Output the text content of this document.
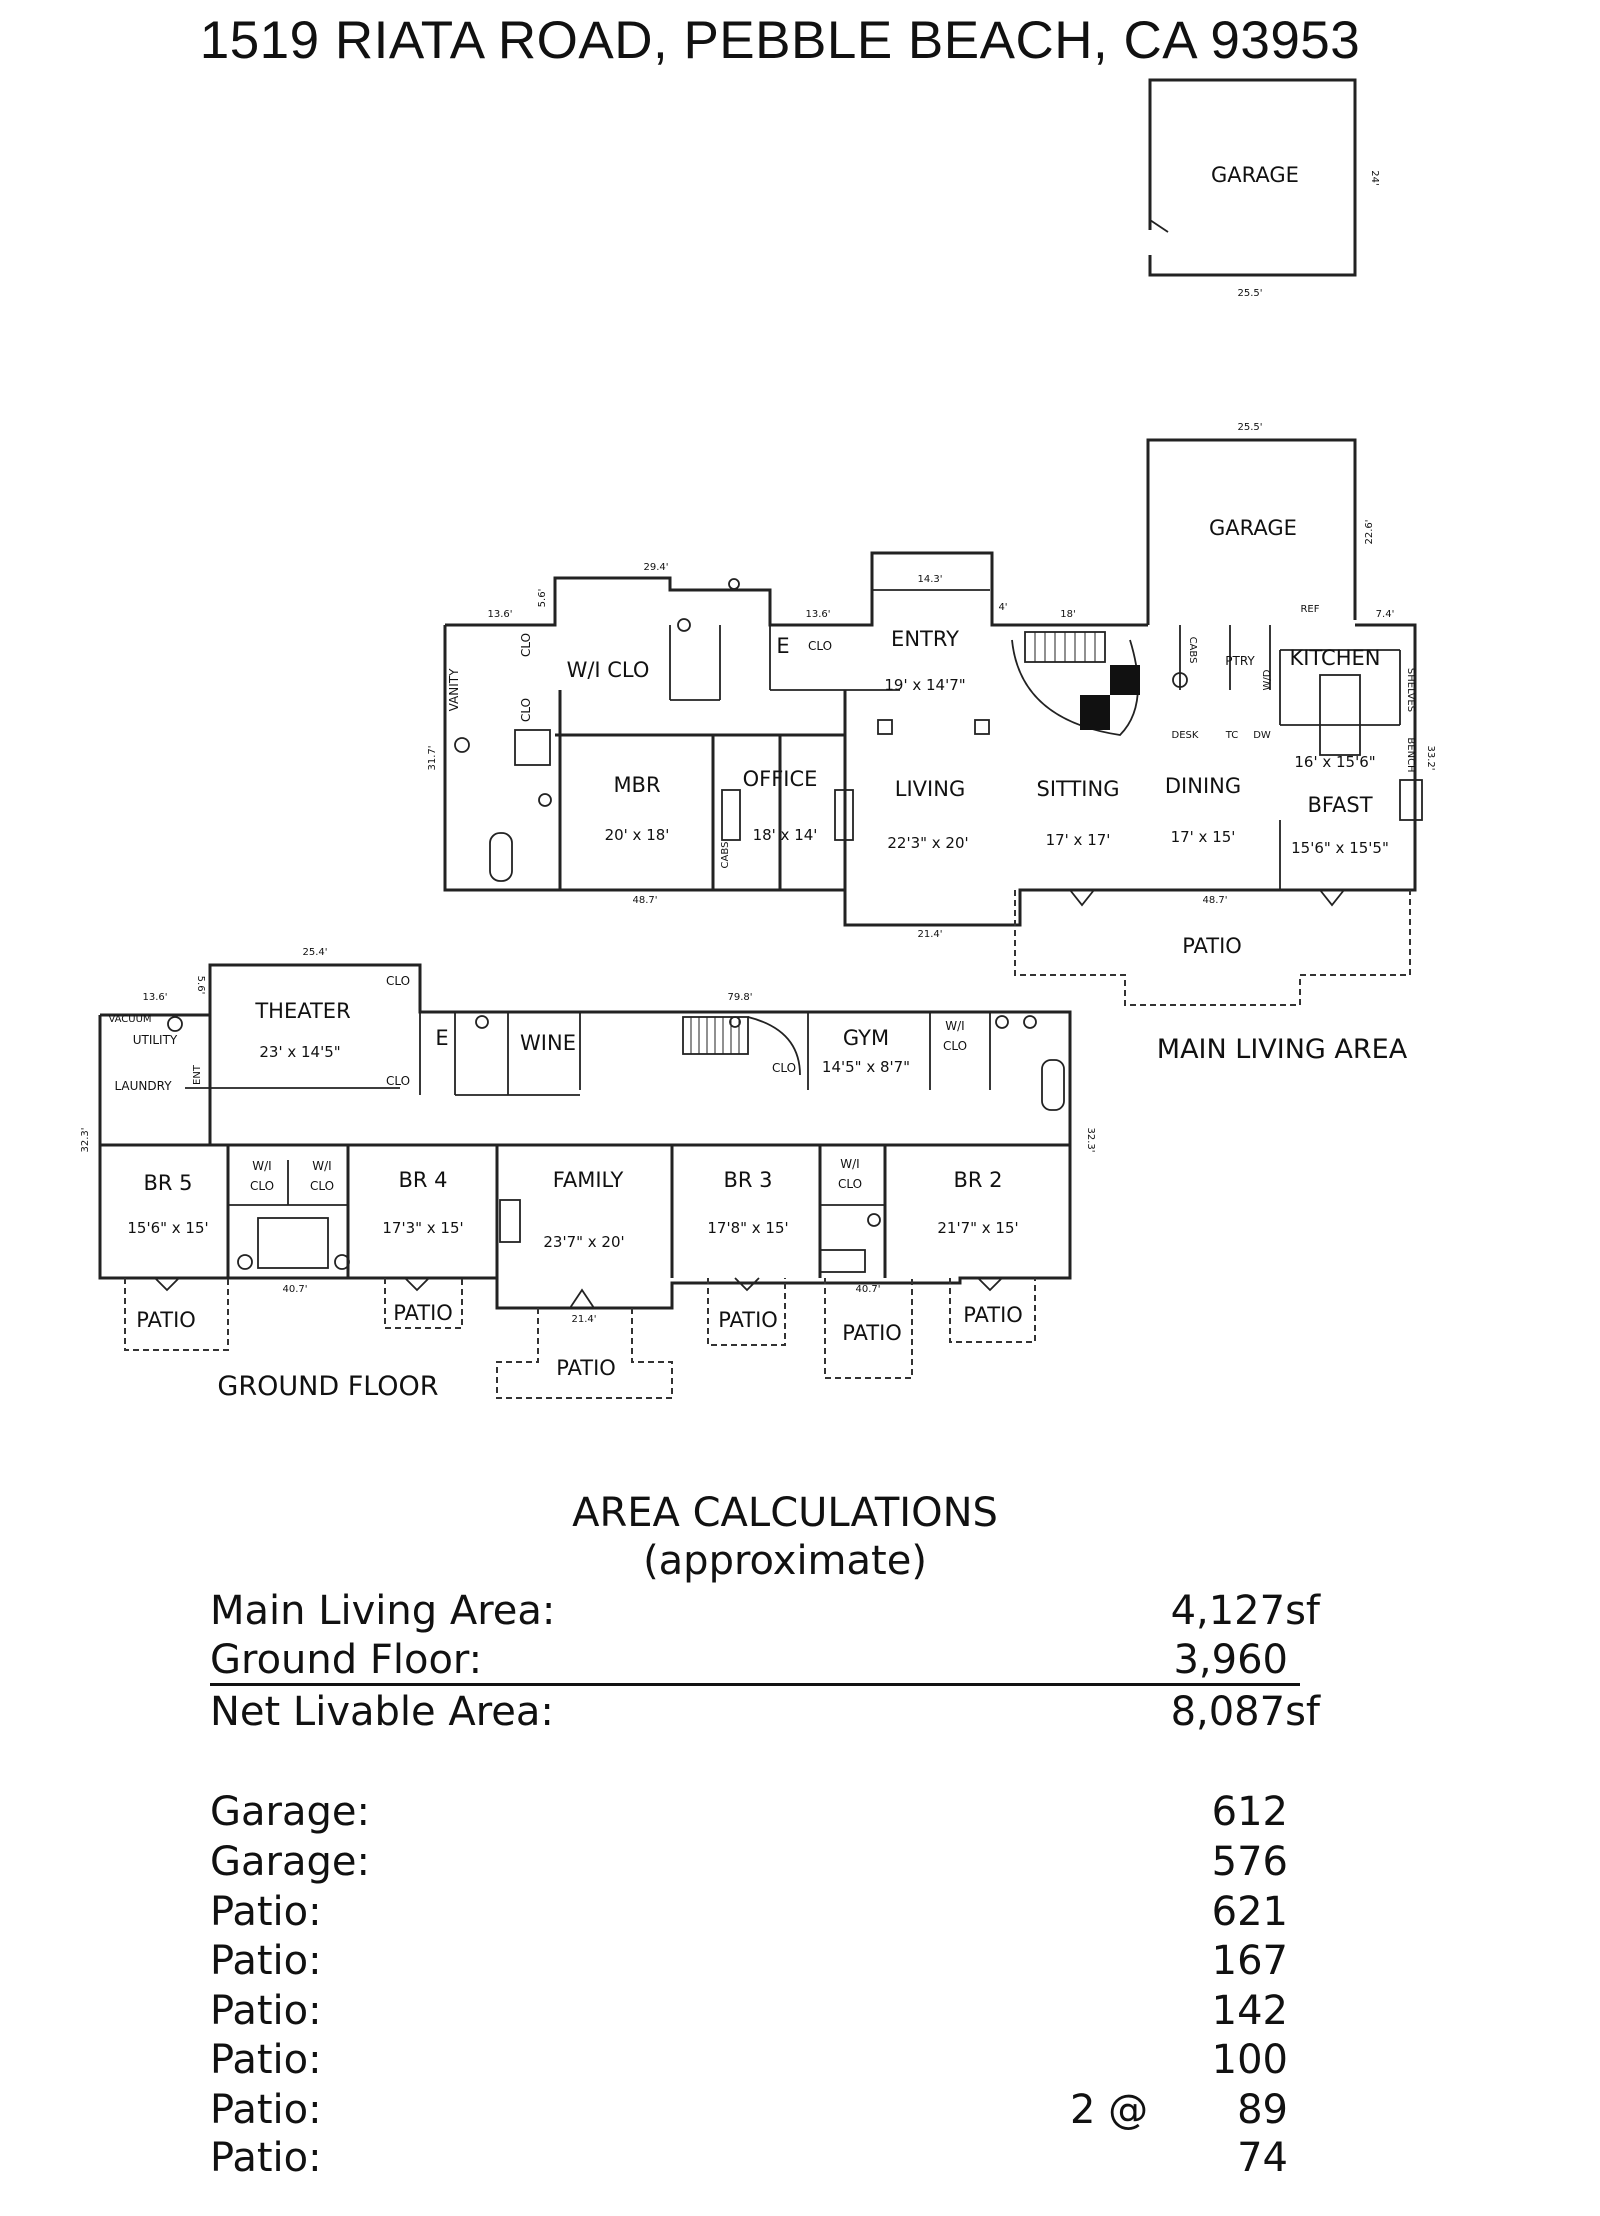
1519 RIATA ROAD, PEBBLE BEACH, CA 93953
GARAGE
25.5'
24'
25.5'
GARAGE	22.6'
ENTRY
19' x 14'7"
W/I CLO
MBR
20' x 18'
OFFICE
18' x 14'
LIVING
22'3" x 20'
SITTING
17' x 17'
DINING
17' x 15'
KITCHEN
16' x 15'6"
BFAST
15'6" x 15'5"
PATIO
E CLO
CLO
CLO
PTRY
VANITY
CABS
CABS
DESK	TC DW
REF
W/D	SHELVES
BENCH
29.4'
13.6'	13.6'
14.3'
18'	7.4'
4'
31.7'	33.2'
48.7'	48.7'
21.4'
5.6'
MAIN LIVING AREA
THEATER
23' x 14'5"
UTILITY
LAUNDRY
WINE	GYM
14'5" x 8'7"
BR 5
15'6" x 15'
BR 4
17'3" x 15'
FAMILY
23'7" x 20'
BR 3
17'8" x 15'
BR 2
21'7" x 15'
PATIO	PATIO
PATIO
PATIO
PATIO
PATIO
E
CLO
CLO
CLO
W/I
CLO
W/I
CLO
W/I
CLO
W/I
CLO
VACUUM
ENT
25.4'
13.6'
5.6'
79.8'
32.3'	32.3'
40.7'	40.7'
21.4'
GROUND FLOOR
AREA CALCULATIONS
(approximate)
Main Living Area:	4,127sf
Ground Floor:	3,960
Net Livable Area:	8,087sf
Garage:	612
Garage:	576
Patio:	621
Patio:	167
Patio:	142
Patio:	100
Patio:	2 @ 89
Patio:	74
